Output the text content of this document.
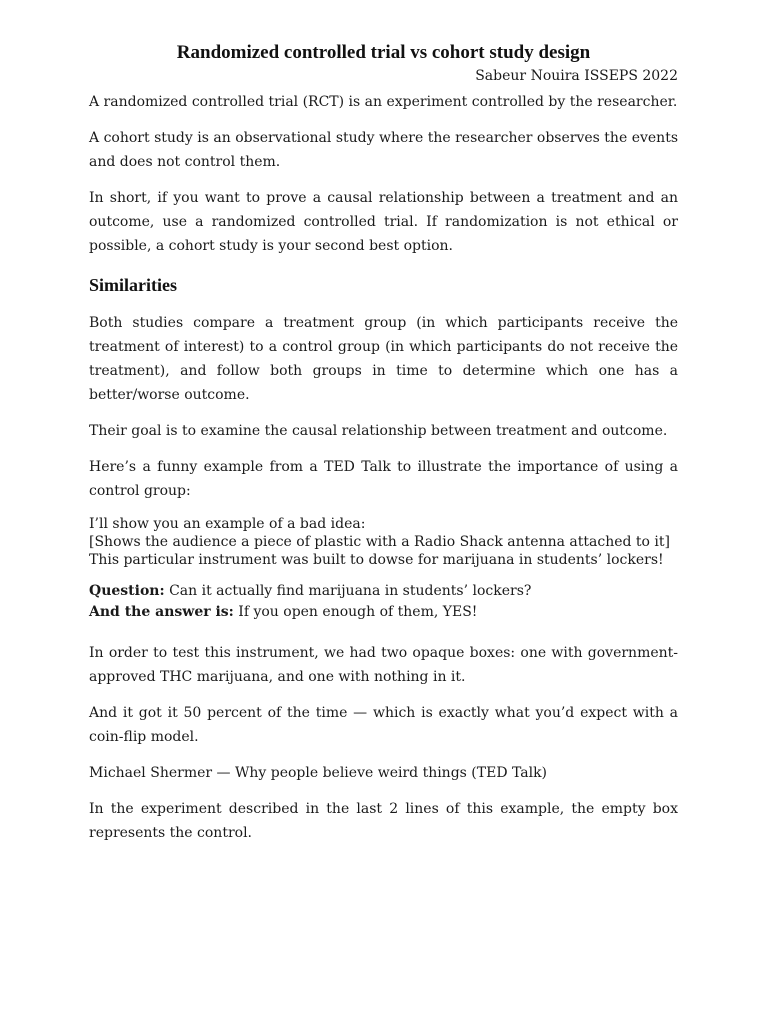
Randomized controlled trial vs cohort study design
Sabeur Nouira ISSEPS 2022

A randomized controlled trial (RCT) is an experiment controlled by the researcher.

A cohort study is an observational study where the researcher observes the events and does not control them.

In short, if you want to prove a causal relationship between a treatment and an outcome, use a randomized controlled trial. If randomization is not ethical or possible, a cohort study is your second best option.

Similarities

Both studies compare a treatment group (in which participants receive the treatment of interest) to a control group (in which participants do not receive the treatment), and follow both groups in time to determine which one has a better/worse outcome.

Their goal is to examine the causal relationship between treatment and outcome.

Here’s a funny example from a TED Talk to illustrate the importance of using a control group:

I’ll show you an example of a bad idea:
[Shows the audience a piece of plastic with a Radio Shack antenna attached to it]
This particular instrument was built to dowse for marijuana in students’ lockers!
Question: Can it actually find marijuana in students’ lockers?
And the answer is: If you open enough of them, YES!

In order to test this instrument, we had two opaque boxes: one with government-approved THC marijuana, and one with nothing in it.

And it got it 50 percent of the time — which is exactly what you’d expect with a coin-flip model.

Michael Shermer — Why people believe weird things (TED Talk)

In the experiment described in the last 2 lines of this example, the empty box represents the control.
